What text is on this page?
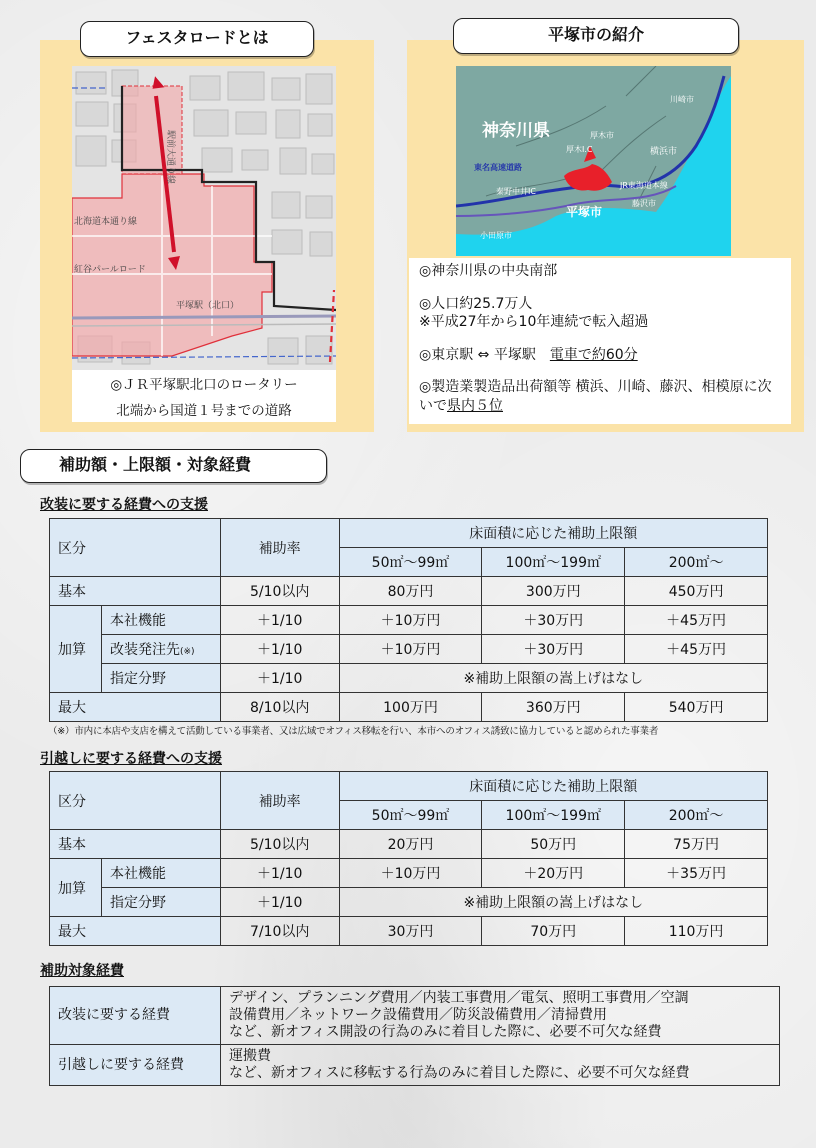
フェスタロードとは	平塚市の紹介
駅前大通り線
紅谷パールロード
北海道本通り線
平塚駅（北口）

◎ＪＲ平塚駅北口のロータリー

北端から国道１号までの道路

神奈川県
平塚市
厚木市
厚木I.C
秦野中井IC
東名高速道路
横浜市
川崎市
JR東海道本線
藤沢市
小田原市

◎神奈川県の中央南部

◎人口約25.7万人

※平成27年から10年連続で転入超過

◎東京駅 ⇔ 平塚駅　電車で約60分

◎製造業製造品出荷額等 横浜、川崎、藤沢、相模原に次いで県内５位

補助額・上限額・対象経費
改装に要する経費への支援
区分		補助率	床面積に応じた補助上限額		
			50㎡～99㎡	100㎡～199㎡	200㎡～
基本		5/10以内	80万円	300万円	450万円
加算	本社機能	＋1/10	＋10万円	＋30万円	＋45万円
	改装発注先(※)	＋1/10	＋10万円	＋30万円	＋45万円
	指定分野	＋1/10	※補助上限額の嵩上げはなし		
最大		8/10以内	100万円	360万円	540万円
（※）市内に本店や支店を構えて活動している事業者、又は広域でオフィス移転を行い、本市へのオフィス誘致に協力していると認められた事業者
引越しに要する経費への支援
区分		補助率	床面積に応じた補助上限額		
			50㎡～99㎡	100㎡～199㎡	200㎡～
基本		5/10以内	20万円	50万円	75万円
加算	本社機能	＋1/10	＋10万円	＋20万円	＋35万円
	指定分野	＋1/10	※補助上限額の嵩上げはなし		
最大		7/10以内	30万円	70万円	110万円
補助対象経費
改装に要する経費	デザイン、プランニング費用／内装工事費用／電気、照明工事費用／空調
設備費用／ネットワーク設備費用／防災設備費用／清掃費用
など、新オフィス開設の行為のみに着目した際に、必要不可欠な経費

引越しに要する経費	運搬費
など、新オフィスに移転する行為のみに着目した際に、必要不可欠な経費
